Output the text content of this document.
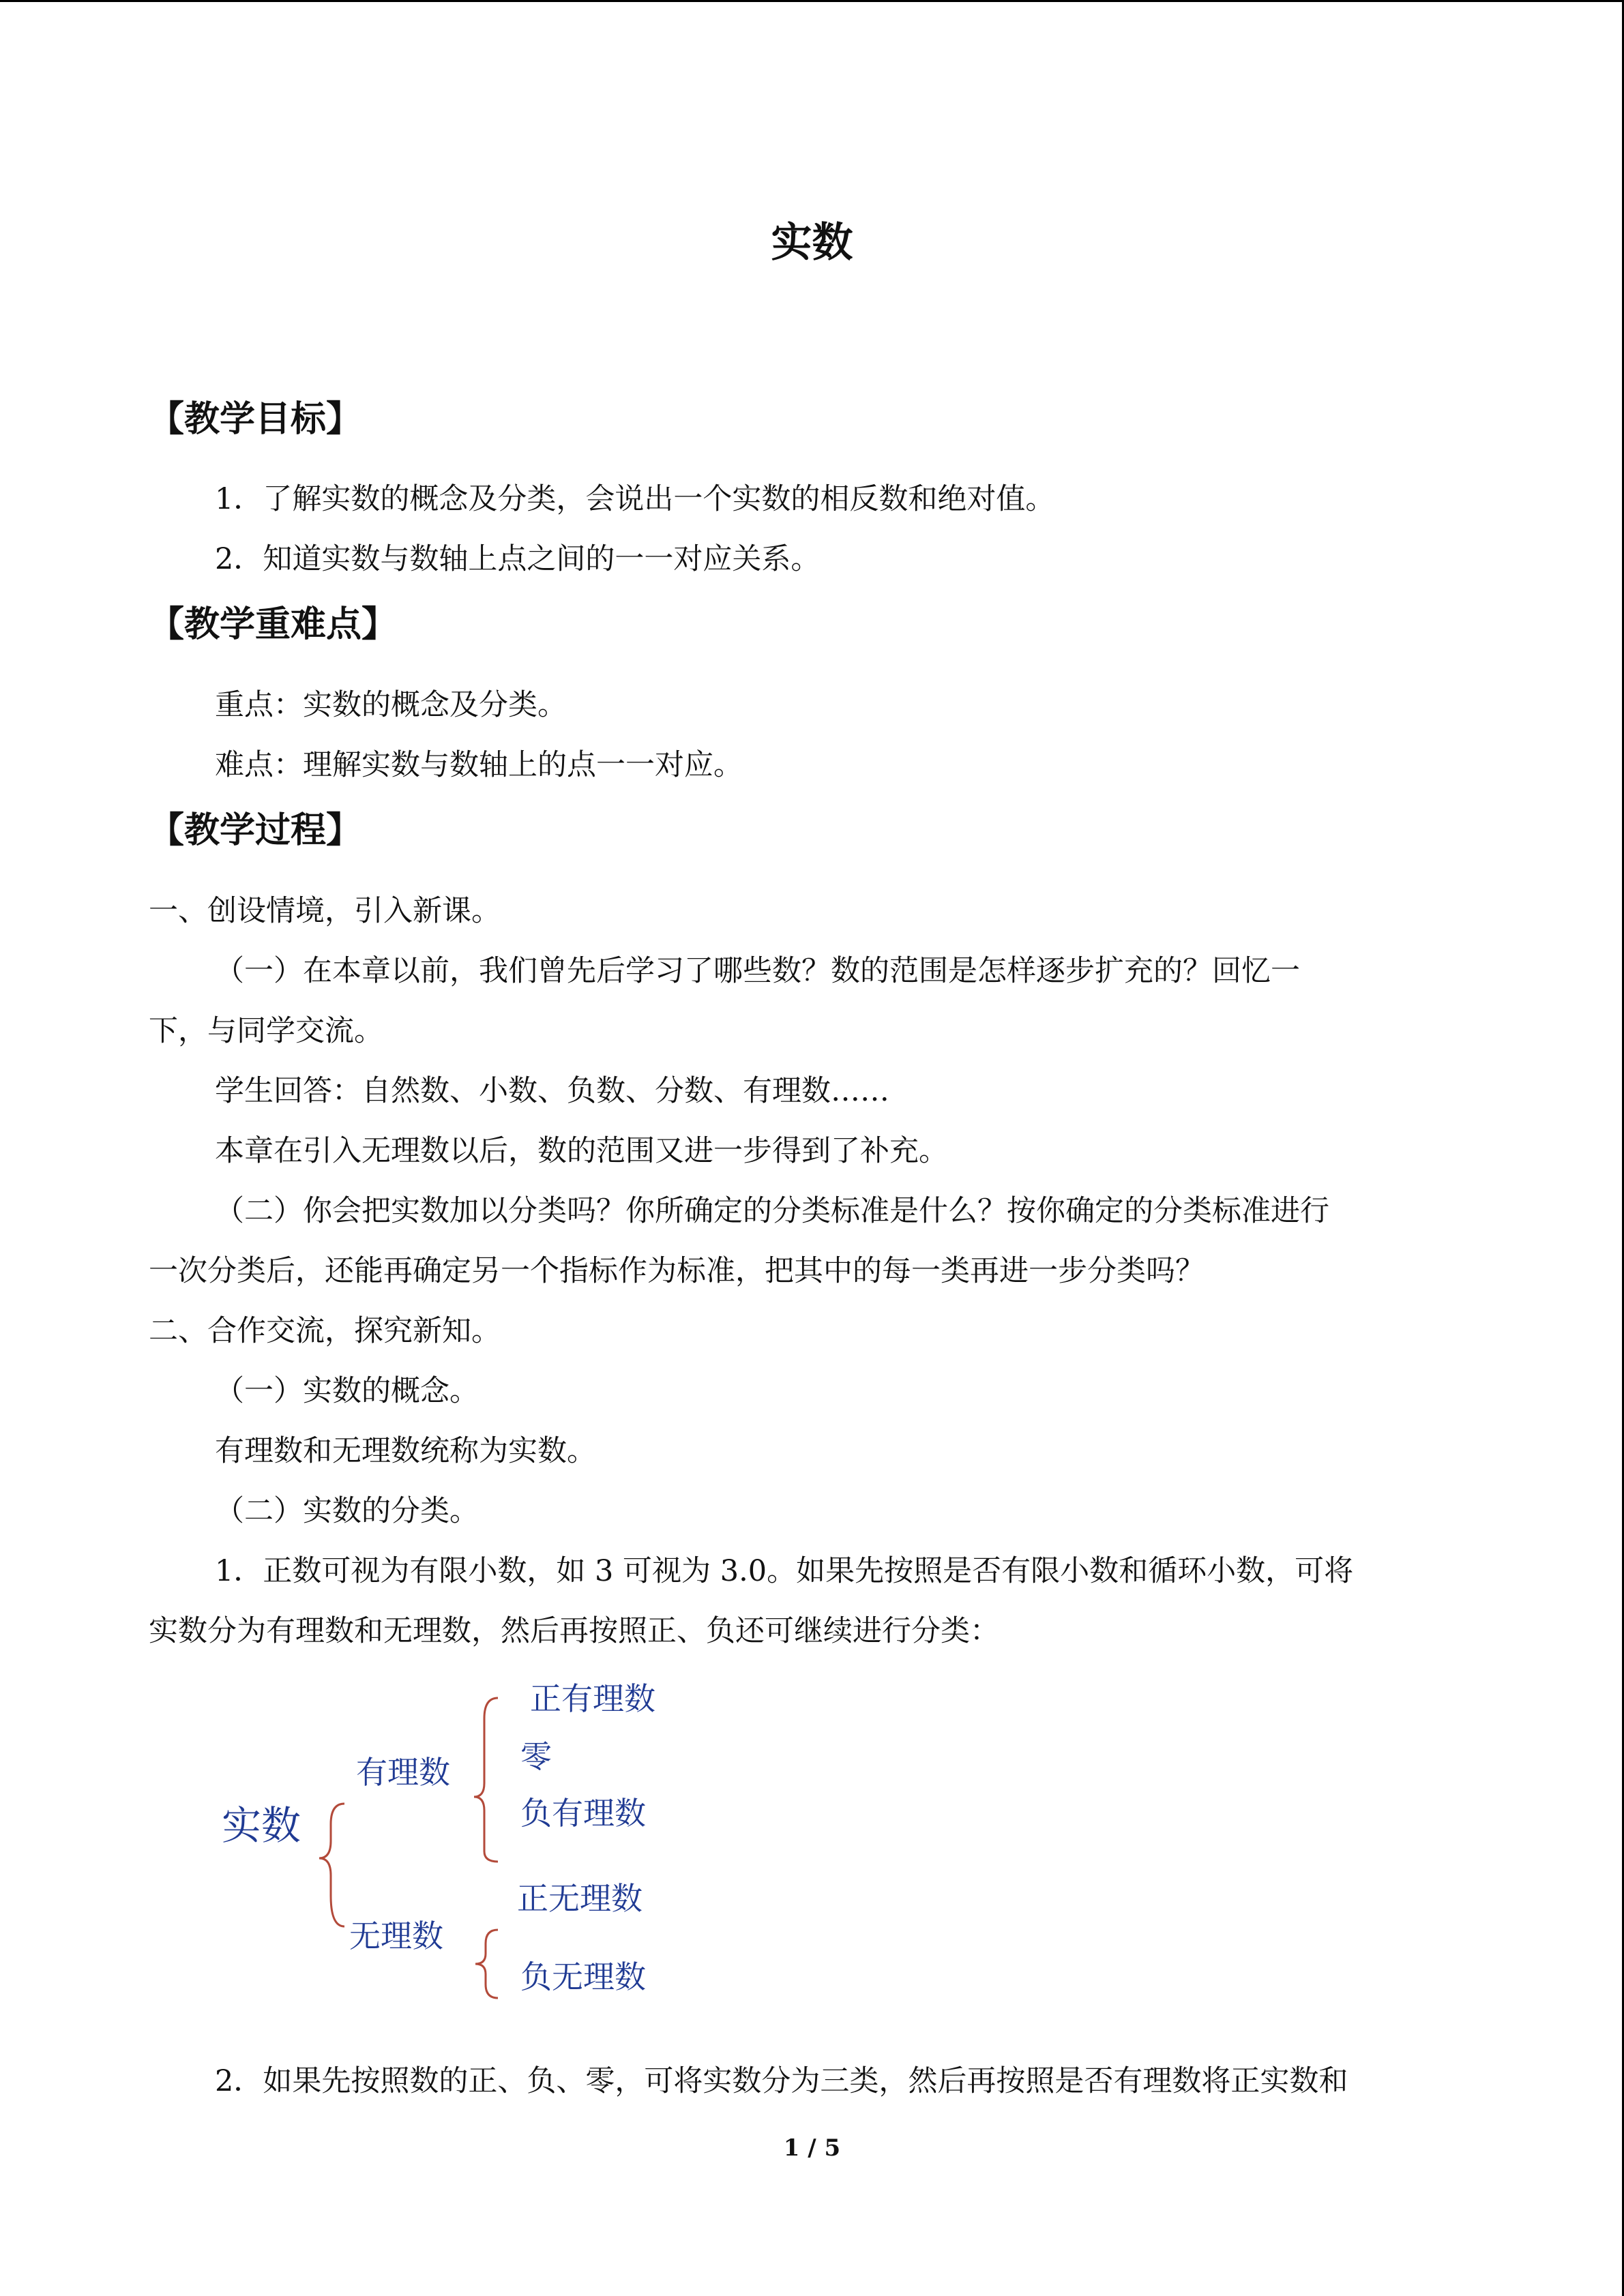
实数
【教学目标】
1．了解实数的概念及分类，会说出一个实数的相反数和绝对值。
2．知道实数与数轴上点之间的一一对应关系。
【教学重难点】
重点：实数的概念及分类。
难点：理解实数与数轴上的点一一对应。
【教学过程】
一、创设情境，引入新课。
（一）在本章以前，我们曾先后学习了哪些数？数的范围是怎样逐步扩充的？回忆一
下，与同学交流。
学生回答：自然数、小数、负数、分数、有理数……
本章在引入无理数以后，数的范围又进一步得到了补充。
（二）你会把实数加以分类吗？你所确定的分类标准是什么？按你确定的分类标准进行
一次分类后，还能再确定另一个指标作为标准，把其中的每一类再进一步分类吗？
二、合作交流，探究新知。
（一）实数的概念。
有理数和无理数统称为实数。
（二）实数的分类。
1．正数可视为有限小数，如 3 可视为 3.0。如果先按照是否有限小数和循环小数，可将
实数分为有理数和无理数，然后再按照正、负还可继续进行分类：
实数
有理数
无理数
正有理数
零
负有理数
正无理数
负无理数
2．如果先按照数的正、负、零，可将实数分为三类，然后再按照是否有理数将正实数和
1 / 5
